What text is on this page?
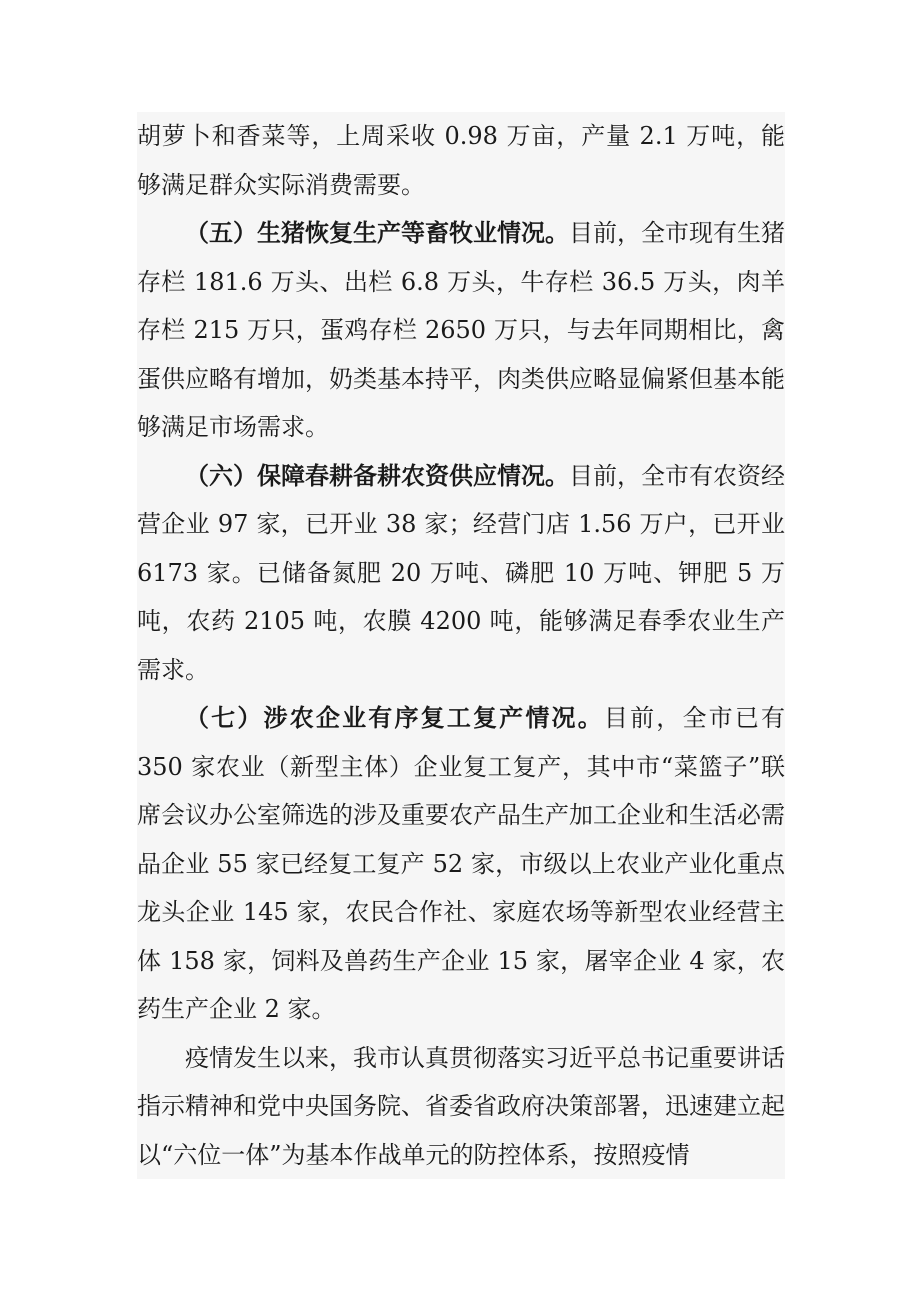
胡萝卜和香菜等，上周采收 0.98 万亩，产量 2.1 万吨，能够满足群众实际消费需要。

（五）生猪恢复生产等畜牧业情况。目前，全市现有生猪存栏 181.6 万头、出栏 6.8 万头，牛存栏 36.5 万头，肉羊存栏 215 万只，蛋鸡存栏 2650 万只，与去年同期相比，禽蛋供应略有增加，奶类基本持平，肉类供应略显偏紧但基本能够满足市场需求。

（六）保障春耕备耕农资供应情况。目前，全市有农资经营企业 97 家，已开业 38 家；经营门店 1.56 万户，已开业 6173 家。已储备氮肥 20 万吨、磷肥 10 万吨、钾肥 5 万吨，农药 2105 吨，农膜 4200 吨，能够满足春季农业生产需求。

（七）涉农企业有序复工复产情况。目前，全市已有 350 家农业（新型主体）企业复工复产，其中市“菜篮子”联席会议办公室筛选的涉及重要农产品生产加工企业和生活必需品企业 55 家已经复工复产 52 家，市级以上农业产业化重点龙头企业 145 家，农民合作社、家庭农场等新型农业经营主体 158 家，饲料及兽药生产企业 15 家，屠宰企业 4 家，农药生产企业 2 家。

疫情发生以来，我市认真贯彻落实习近平总书记重要讲话指示精神和党中央国务院、省委省政府决策部署，迅速建立起以“六位一体”为基本作战单元的防控体系，按照疫情
